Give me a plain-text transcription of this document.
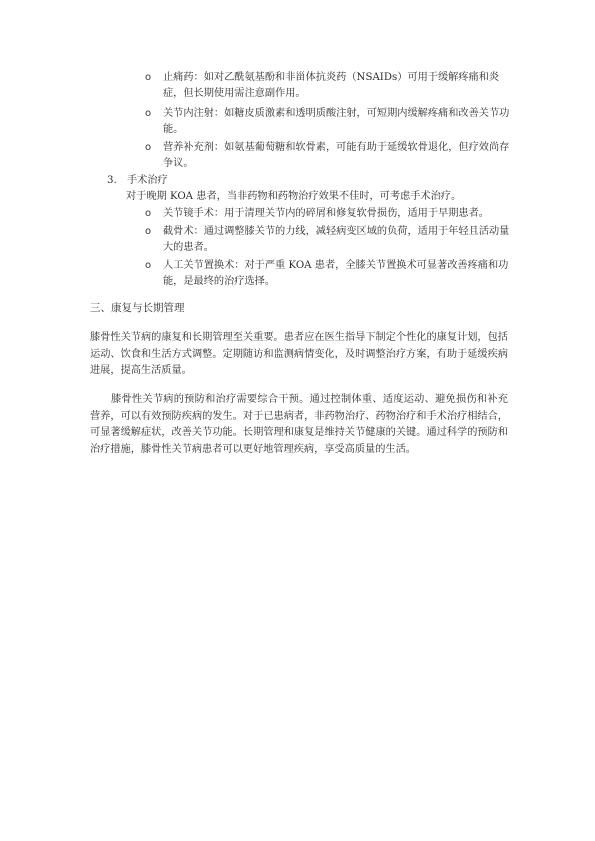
o 止痛药：如对乙酰氨基酚和非甾体抗炎药（NSAIDs）可用于缓解疼痛和炎症，但长期使用需注意副作用。
o 关节内注射：如糖皮质激素和透明质酸注射，可短期内缓解疼痛和改善关节功能。
o 营养补充剂：如氨基葡萄糖和软骨素，可能有助于延缓软骨退化，但疗效尚存争议。
3. 手术治疗
对于晚期 KOA 患者，当非药物和药物治疗效果不佳时，可考虑手术治疗。
o 关节镜手术：用于清理关节内的碎屑和修复软骨损伤，适用于早期患者。
o 截骨术：通过调整膝关节的力线，减轻病变区域的负荷，适用于年轻且活动量大的患者。
o 人工关节置换术：对于严重 KOA 患者，全膝关节置换术可显著改善疼痛和功能，是最终的治疗选择。
三、康复与长期管理
膝骨性关节病的康复和长期管理至关重要。患者应在医生指导下制定个性化的康复计划，包括运动、饮食和生活方式调整。定期随访和监测病情变化，及时调整治疗方案，有助于延缓疾病进展，提高生活质量。
膝骨性关节病的预防和治疗需要综合干预。通过控制体重、适度运动、避免损伤和补充营养，可以有效预防疾病的发生。对于已患病者，非药物治疗、药物治疗和手术治疗相结合，可显著缓解症状，改善关节功能。长期管理和康复是维持关节健康的关键。通过科学的预防和治疗措施，膝骨性关节病患者可以更好地管理疾病，享受高质量的生活。
